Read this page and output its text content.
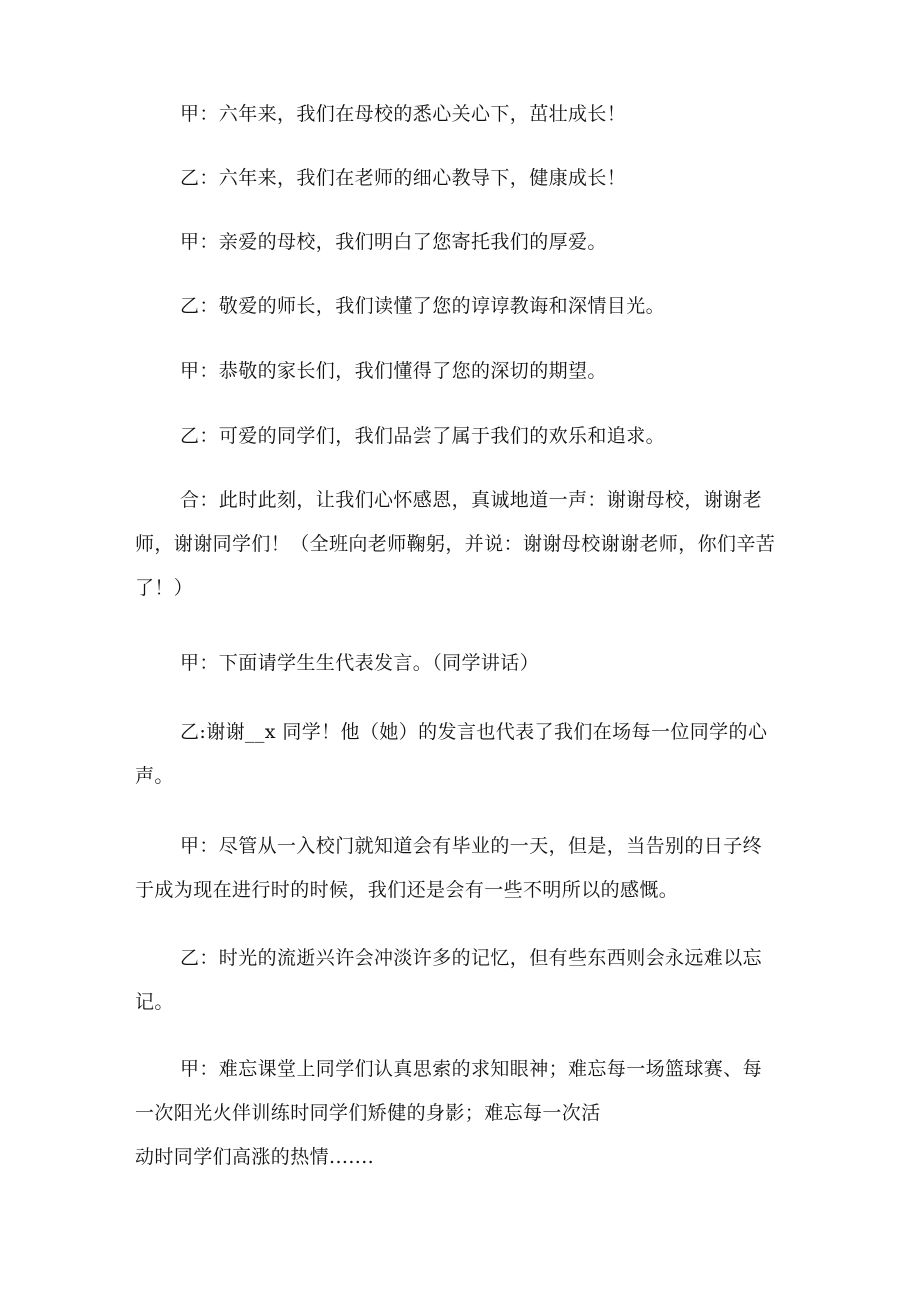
甲：六年来，我们在母校的悉心关心下，茁壮成长！

乙：六年来，我们在老师的细心教导下，健康成长！

甲：亲爱的母校，我们明白了您寄托我们的厚爱。

乙：敬爱的师长，我们读懂了您的谆谆教诲和深情目光。

甲：恭敬的家长们，我们懂得了您的深切的期望。

乙：可爱的同学们，我们品尝了属于我们的欢乐和追求。

合：此时此刻，让我们心怀感恩，真诚地道一声：谢谢母校，谢谢老
师，谢谢同学们！（全班向老师鞠躬，并说：谢谢母校谢谢老师，你们辛苦
了！）

甲：下面请学生生代表发言。（同学讲话）

乙:谢谢__x 同学！他（她）的发言也代表了我们在场每一位同学的心
声。

甲：尽管从一入校门就知道会有毕业的一天，但是，当告别的日子终
于成为现在进行时的时候，我们还是会有一些不明所以的感慨。

乙：时光的流逝兴许会冲淡许多的记忆，但有些东西则会永远难以忘
记。

甲：难忘课堂上同学们认真思索的求知眼神；难忘每一场篮球赛、每
一次阳光火伴训练时同学们矫健的身影；难忘每一次活
动时同学们高涨的热情.......
